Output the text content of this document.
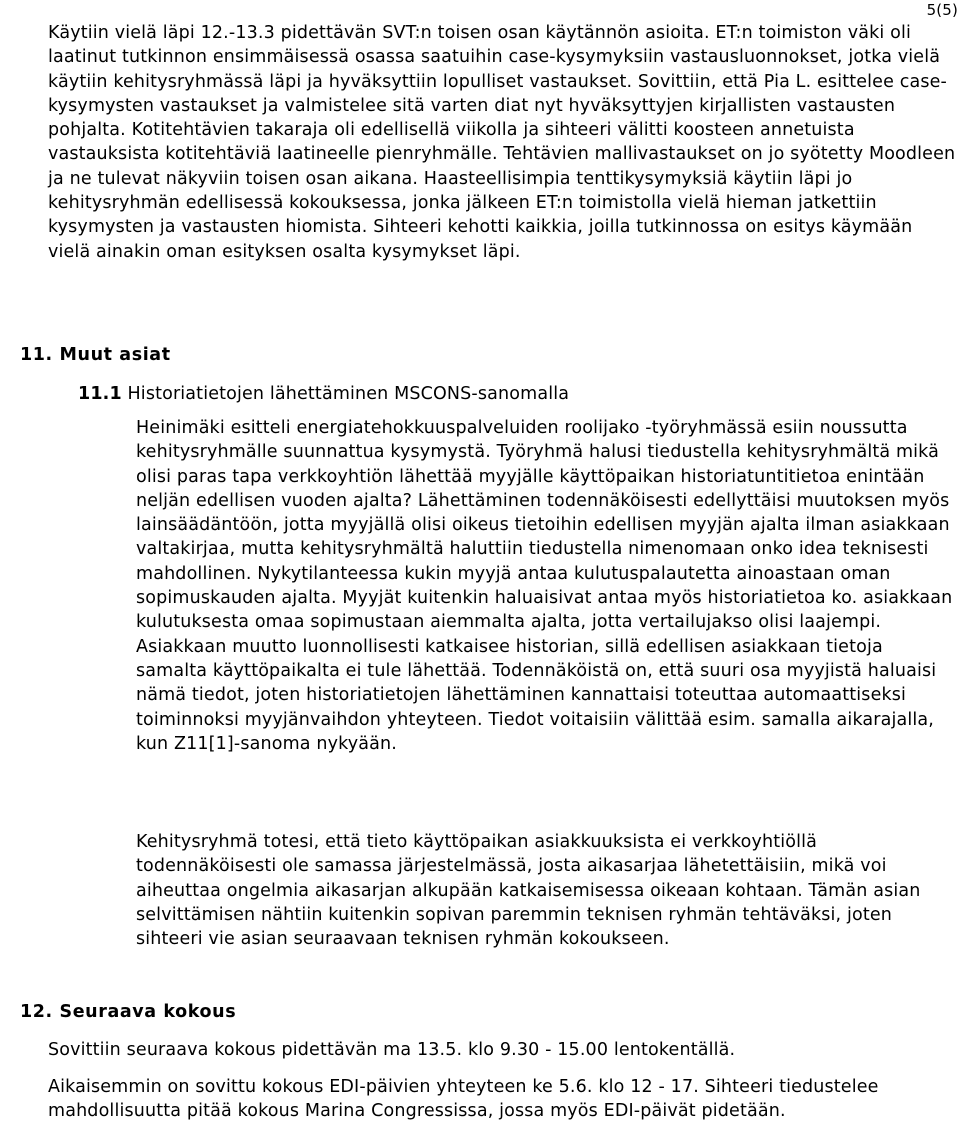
5(5)

Käytiin vielä läpi 12.-13.3 pidettävän SVT:n toisen osan käytännön asioita. ET:n toimiston väki oli laatinut tutkinnon ensimmäisessä osassa saatuihin case-kysymyksiin vastausluonnokset, jotka vielä käytiin kehitysryhmässä läpi ja hyväksyttiin lopulliset vastaukset. Sovittiin, että Pia L. esittelee case-kysymysten vastaukset ja valmistelee sitä varten diat nyt hyväksyttyjen kirjallisten vastausten pohjalta. Kotitehtävien takaraja oli edellisellä viikolla ja sihteeri välitti koosteen annetuista vastauksista kotitehtäviä laatineelle pienryhmälle. Tehtävien mallivastaukset on jo syötetty Moodleen ja ne tulevat näkyviin toisen osan aikana. Haasteellisimpia tenttikysymyksiä käytiin läpi jo kehitysryhmän edellisessä kokouksessa, jonka jälkeen ET:n toimistolla vielä hieman jatkettiin kysymysten ja vastausten hiomista. Sihteeri kehotti kaikkia, joilla tutkinnossa on esitys käymään vielä ainakin oman esityksen osalta kysymykset läpi.

11. Muut asiat

11.1 Historiatietojen lähettäminen MSCONS-sanomalla

Heinimäki esitteli energiatehokkuuspalveluiden roolijako -työryhmässä esiin noussutta kehitysryhmälle suunnattua kysymystä. Työryhmä halusi tiedustella kehitysryhmältä mikä olisi paras tapa verkkoyhtiön lähettää myyjälle käyttöpaikan historiatuntitietoa enintään neljän edellisen vuoden ajalta? Lähettäminen todennäköisesti edellyttäisi muutoksen myös lainsäädäntöön, jotta myyjällä olisi oikeus tietoihin edellisen myyjän ajalta ilman asiakkaan valtakirjaa, mutta kehitysryhmältä haluttiin tiedustella nimenomaan onko idea teknisesti mahdollinen. Nykytilanteessa kukin myyjä antaa kulutuspalautetta ainoastaan oman sopimuskauden ajalta. Myyjät kuitenkin haluaisivat antaa myös historiatietoa ko. asiakkaan kulutuksesta omaa sopimustaan aiemmalta ajalta, jotta vertailujakso olisi laajempi. Asiakkaan muutto luonnollisesti katkaisee historian, sillä edellisen asiakkaan tietoja samalta käyttöpaikalta ei tule lähettää. Todennäköistä on, että suuri osa myyjistä haluaisi nämä tiedot, joten historiatietojen lähettäminen kannattaisi toteuttaa automaattiseksi toiminnoksi myyjänvaihdon yhteyteen. Tiedot voitaisiin välittää esim. samalla aikarajalla, kun Z11[1]-sanoma nykyään.

Kehitysryhmä totesi, että tieto käyttöpaikan asiakkuuksista ei verkkoyhtiöllä todennäköisesti ole samassa järjestelmässä, josta aikasarjaa lähetettäisiin, mikä voi aiheuttaa ongelmia aikasarjan alkupään katkaisemisessa oikeaan kohtaan. Tämän asian selvittämisen nähtiin kuitenkin sopivan paremmin teknisen ryhmän tehtäväksi, joten sihteeri vie asian seuraavaan teknisen ryhmän kokoukseen.

12. Seuraava kokous

Sovittiin seuraava kokous pidettävän ma 13.5. klo 9.30 - 15.00 lentokentällä.

Aikaisemmin on sovittu kokous EDI-päivien yhteyteen ke 5.6. klo 12 - 17. Sihteeri tiedustelee mahdollisuutta pitää kokous Marina Congressissa, jossa myös EDI-päivät pidetään.
